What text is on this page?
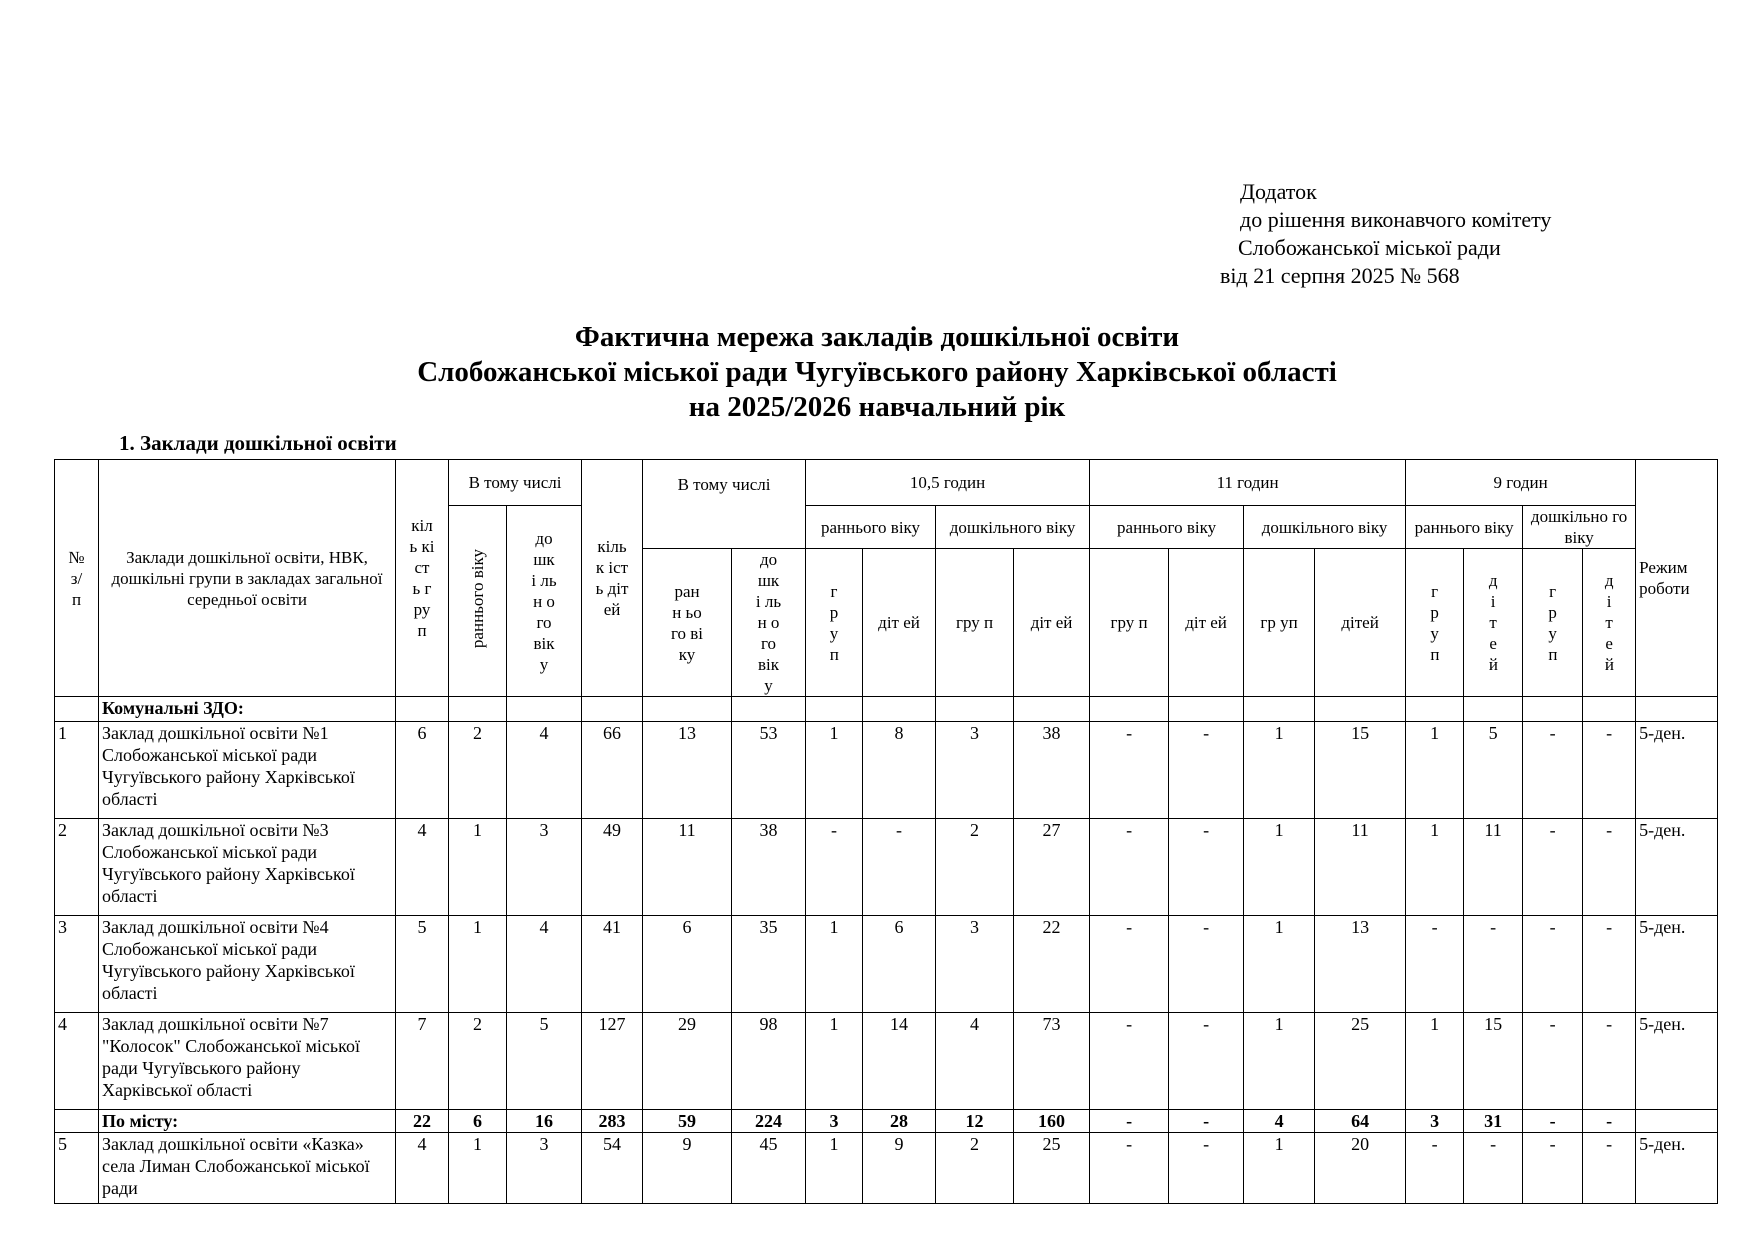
Додаток
до рішення виконавчого комітету
Слобожанської міської ради
від 21 серпня 2025 № 568
Фактична мережа закладів дошкільної освіти
Слобожанської міської ради Чугуївського району Харківської області
на 2025/2026 навчальний рік
1. Заклади дошкільної освіти
№ з/п	Заклади дошкільної освіти, НВК, дошкільні групи в закладах загальної середньої освіти	кіль кіст ь груп	В тому числі		кільк ість дітей	В тому числі		10,5 годин				11 годин				9 годин				Режим роботи
			раннього віку	до шкі льн ого вік у				раннього віку		дошкільного віку		раннього віку		дошкільного віку		раннього віку		дошкільно го віку		
						ранн ього віку	до шкі льн ого вік у	груп	діт ей	гру п	діт ей	гру п	діт ей	гр уп	дітей	груп	дітей	груп	дітей	
	Комунальні ЗДО:																			
1	Заклад дошкільної освіти №1 Слобожанської міської ради Чугуївського району Харківської області	6	2	4	66	13	53	1	8	3	38	-	-	1	15	1	5	-	-	5-ден.
2	Заклад дошкільної освіти №3 Слобожанської міської ради Чугуївського району Харківської області	4	1	3	49	11	38	-	-	2	27	-	-	1	11	1	11	-	-	5-ден.
3	Заклад дошкільної освіти №4 Слобожанської міської ради Чугуївського району Харківської області	5	1	4	41	6	35	1	6	3	22	-	-	1	13	-	-	-	-	5-ден.
4	Заклад дошкільної освіти №7 "Колосок" Слобожанської міської ради Чугуївського району Харківської області	7	2	5	127	29	98	1	14	4	73	-	-	1	25	1	15	-	-	5-ден.
	По місту:	22	6	16	283	59	224	3	28	12	160	-	-	4	64	3	31	-	-	
5	Заклад дошкільної освіти «Казка» села Лиман Слобожанської міської ради	4	1	3	54	9	45	1	9	2	25	-	-	1	20	-	-	-	-	5-ден.
